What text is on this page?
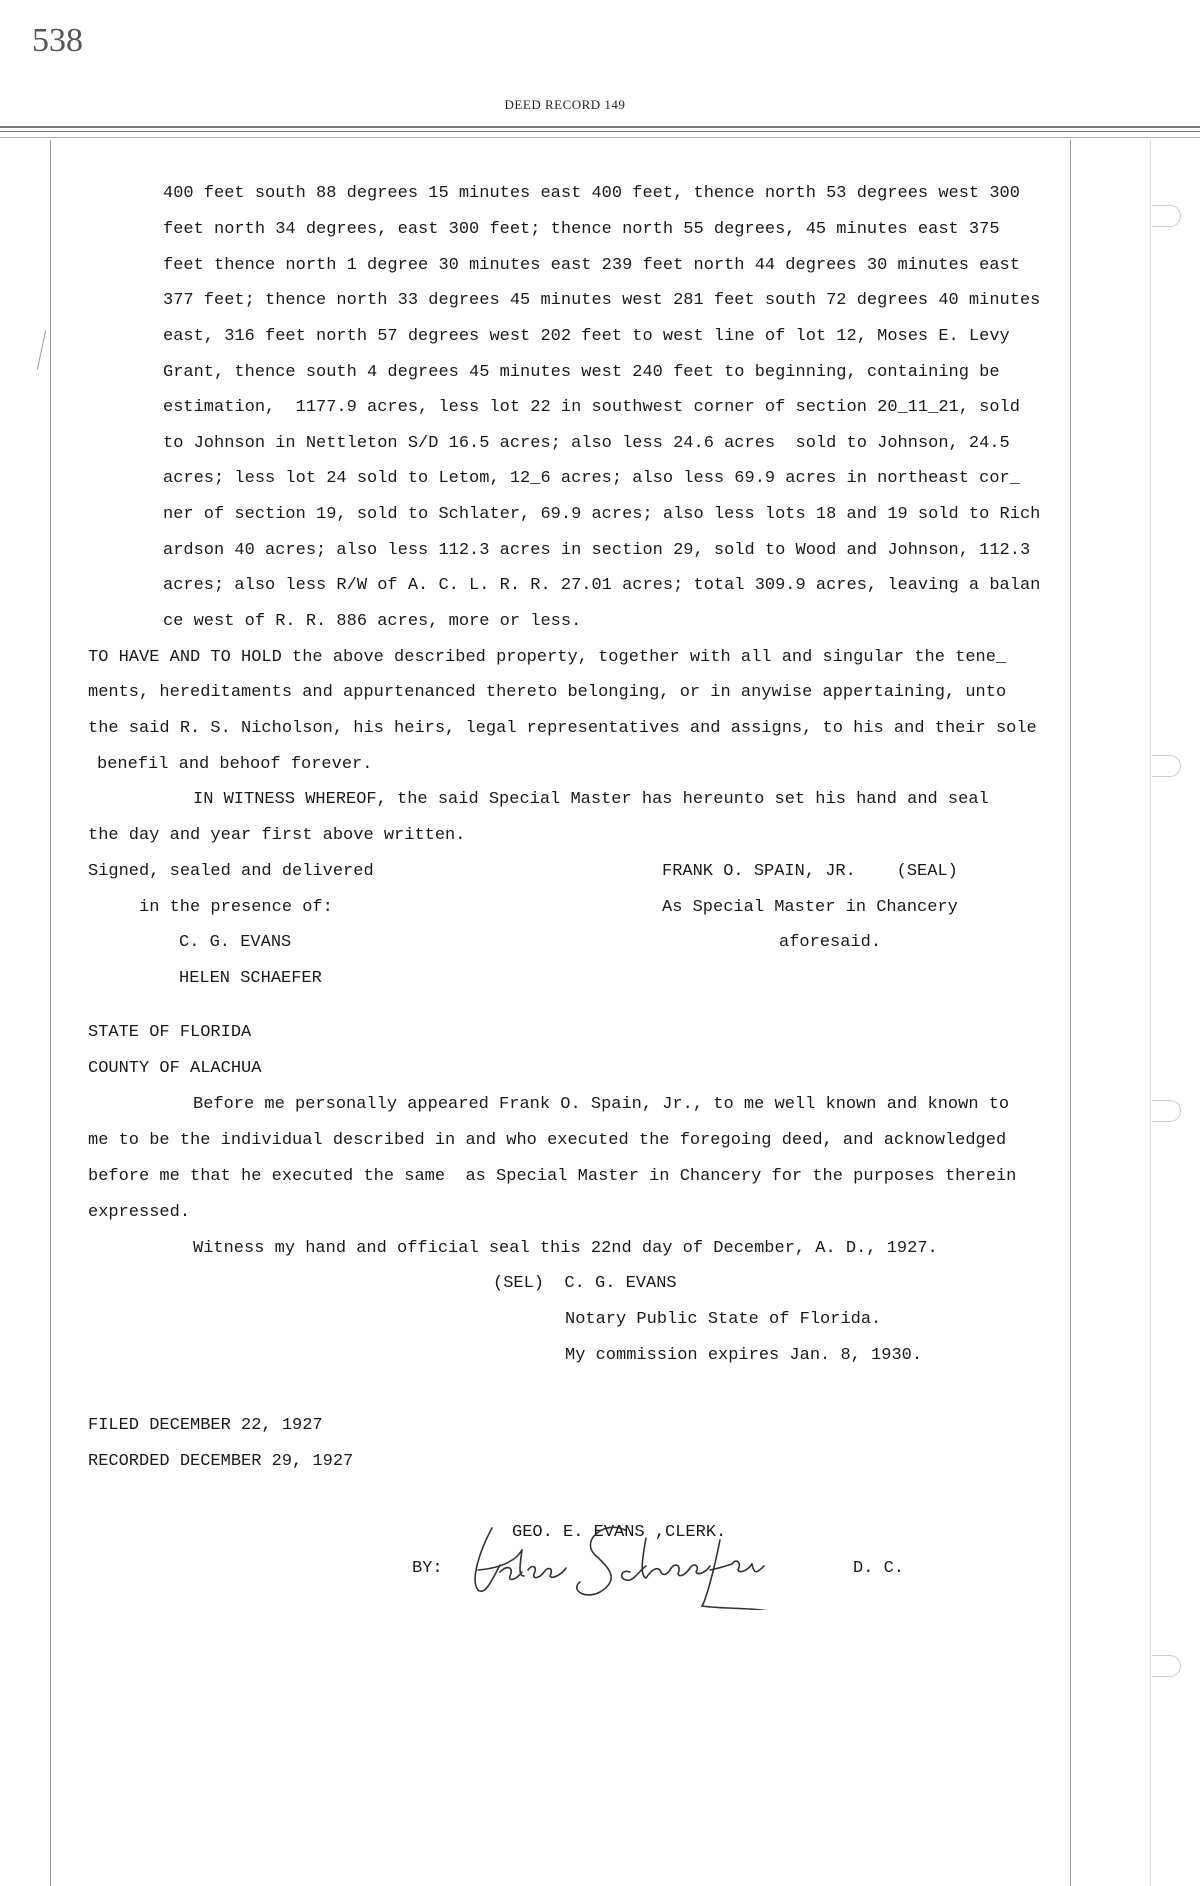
538
DEED RECORD 149
400 feet south 88 degrees 15 minutes east 400 feet, thence north 53 degrees west 300
feet north 34 degrees, east 300 feet; thence north 55 degrees, 45 minutes east 375
feet thence north 1 degree 30 minutes east 239 feet north 44 degrees 30 minutes east
377 feet; thence north 33 degrees 45 minutes west 281 feet south 72 degrees 40 minutes
east, 316 feet north 57 degrees west 202 feet to west line of lot 12, Moses E. Levy
Grant, thence south 4 degrees 45 minutes west 240 feet to beginning, containing be
estimation,  1177.9 acres, less lot 22 in southwest corner of section 20_11_21, sold
to Johnson in Nettleton S/D 16.5 acres; also less 24.6 acres  sold to Johnson, 24.5
acres; less lot 24 sold to Letom, 12_6 acres; also less 69.9 acres in northeast cor_
ner of section 19, sold to Schlater, 69.9 acres; also less lots 18 and 19 sold to Rich
ardson 40 acres; also less 112.3 acres in section 29, sold to Wood and Johnson, 112.3
acres; also less R/W of A. C. L. R. R. 27.01 acres; total 309.9 acres, leaving a balan
ce west of R. R. 886 acres, more or less.
TO HAVE AND TO HOLD the above described property, together with all and singular the tene_
ments, hereditaments and appurtenanced thereto belonging, or in anywise appertaining, unto
the said R. S. Nicholson, his heirs, legal representatives and assigns, to his and their sole
benefil and behoof forever.
IN WITNESS WHEREOF, the said Special Master has hereunto set his hand and seal
the day and year first above written.
Signed, sealed and delivered
in the presence of:
C. G. EVANS
HELEN SCHAEFER
FRANK O. SPAIN, JR.    (SEAL)
As Special Master in Chancery
aforesaid.
STATE OF FLORIDA
COUNTY OF ALACHUA
Before me personally appeared Frank O. Spain, Jr., to me well known and known to
me to be the individual described in and who executed the foregoing deed, and acknowledged
before me that he executed the same  as Special Master in Chancery for the purposes therein
expressed.
Witness my hand and official seal this 22nd day of December, A. D., 1927.
(SEL)  C. G. EVANS
Notary Public State of Florida.
My commission expires Jan. 8, 1930.
FILED DECEMBER 22, 1927
RECORDED DECEMBER 29, 1927
GEO. E. EVANS ,CLERK.
BY:	D. C.
